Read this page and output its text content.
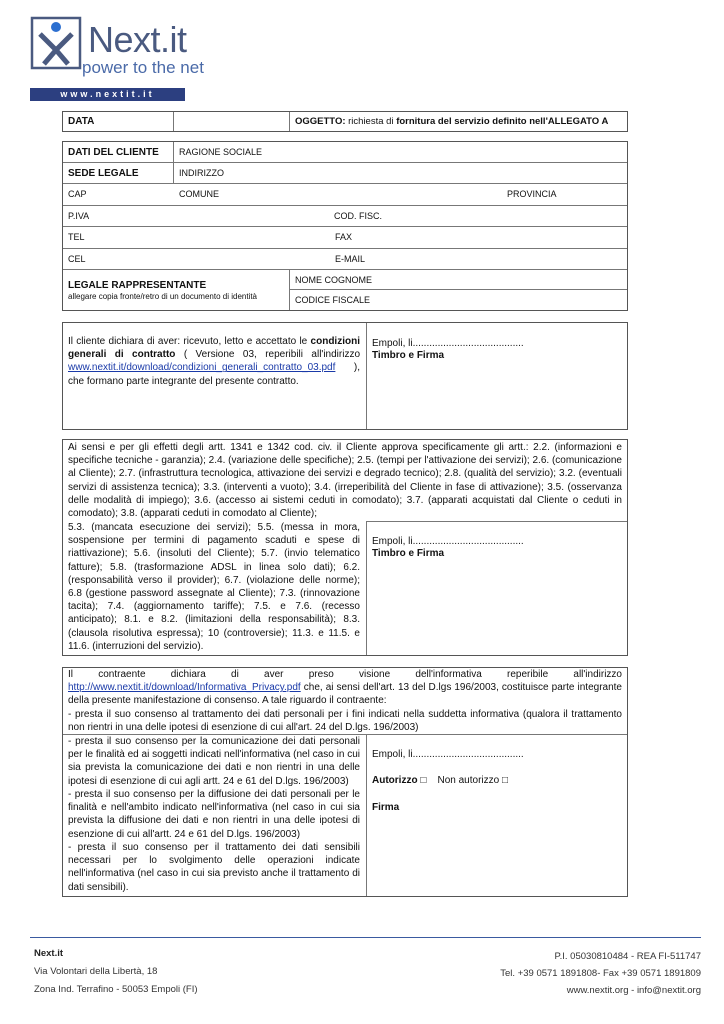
Next.it
power to the net
www.nextit.it
DATA	OGGETTO: richiesta di fornitura del servizio definito nell'ALLEGATO A
DATI DEL CLIENTE	RAGIONE SOCIALE
SEDE LEGALE	INDIRIZZO
CAP	COMUNE	PROVINCIA
P.IVA	COD. FISC.
TEL	FAX
CEL	E-MAIL
LEGALE RAPPRESENTANTE
allegare copia fronte/retro di un documento di identità
NOME COGNOME
CODICE FISCALE
Il cliente dichiara di aver: ricevuto, letto e accettato le condizioni generali di contratto ( Versione 03, reperibili all'indirizzo www.nextit.it/download/condizioni_generali_contratto_03.pdf ), che formano parte integrante del presente contratto.
Empoli, li........................................
Timbro e Firma
Ai sensi e per gli effetti degli artt. 1341 e 1342 cod. civ. il Cliente approva specificamente gli artt.: 2.2. (informazioni e specifiche tecniche - garanzia); 2.4. (variazione delle specifiche); 2.5. (tempi per l'attivazione dei servizi); 2.6. (comunicazione al Cliente); 2.7. (infrastruttura tecnologica, attivazione dei servizi e degrado tecnico); 2.8. (qualità del servizio); 3.2. (eventuali servizi di assistenza tecnica); 3.3. (interventi a vuoto); 3.4. (irreperibilità del Cliente in fase di attivazione); 3.5. (osservanza delle modalità di impiego); 3.6. (accesso ai sistemi ceduti in comodato); 3.7. (apparati acquistati dal Cliente o ceduti in comodato); 3.8. (apparati ceduti in comodato al Cliente);
5.3. (mancata esecuzione dei servizi); 5.5. (messa in mora, sospensione per termini di pagamento scaduti e spese di riattivazione); 5.6. (insoluti del Cliente); 5.7. (invio telematico fatture); 5.8. (trasformazione ADSL in linea solo dati); 6.2. (responsabilità verso il provider); 6.7. (violazione delle norme); 6.8 (gestione password assegnate al Cliente); 7.3. (rinnovazione tacita); 7.4. (aggiornamento tariffe); 7.5. e 7.6. (recesso anticipato); 8.1. e 8.2. (limitazioni della responsabilità); 8.3. (clausola risolutiva espressa); 10 (controversie); 11.3. e 11.5. e 11.6. (interruzioni del servizio).
Empoli, li........................................
Timbro e Firma
Il contraente dichiara di aver preso visione dell'informativa reperibile all'indirizzo http://www.nextit.it/download/Informativa_Privacy.pdf che, ai sensi dell'art. 13 del D.lgs 196/2003, costituisce parte integrante della presente manifestazione di consenso. A tale riguardo il contraente:
- presta il suo consenso al trattamento dei dati personali per i fini indicati nella suddetta informativa (qualora il trattamento non rientri in una delle ipotesi di esenzione di cui all'art. 24 del D.lgs. 196/2003)
- presta il suo consenso per la comunicazione dei dati personali per le finalità ed ai soggetti indicati nell'informativa (nel caso in cui sia prevista la comunicazione dei dati e non rientri in una delle ipotesi di esenzione di cui agli artt. 24 e 61 del D.lgs. 196/2003)
- presta il suo consenso per la diffusione dei dati personali per le finalità e nell'ambito indicato nell'informativa (nel caso in cui sia prevista la diffusione dei dati e non rientri in una delle ipotesi di esenzione di cui all'artt. 24 e 61 del D.lgs. 196/2003)
- presta il suo consenso per il trattamento dei dati sensibili necessari per lo svolgimento delle operazioni indicate nell'informativa (nel caso in cui sia previsto anche il trattamento di dati sensibili).
Empoli, li........................................
Autorizzo □ Non autorizzo □
Firma
Next.it
Via Volontari della Libertà, 18
Zona Ind. Terrafino - 50053 Empoli (FI)
P.I. 05030810484 - REA FI-511747
Tel. +39 0571 1891808- Fax +39 0571 1891809
www.nextit.org - info@nextit.org
